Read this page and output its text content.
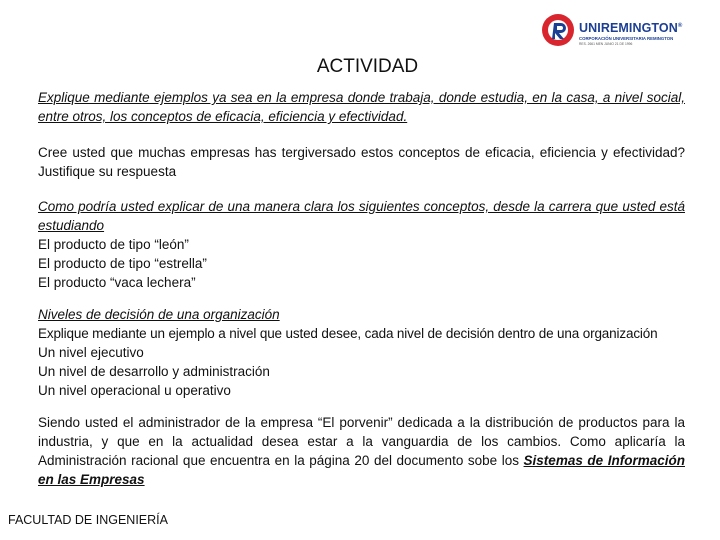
UNIREMINGTON®
CORPORACIÓN UNIVERSITARIA REMINGTON
RES. 2661 MEN JUNIO 21 DE 1996
ACTIVIDAD
Explique mediante ejemplos ya sea en la empresa donde trabaja, donde estudia, en la casa, a nivel social, entre otros, los conceptos de eficacia, eficiencia y efectividad.
Cree usted que muchas empresas has tergiversado estos conceptos de eficacia, eficiencia y efectividad? Justifique su respuesta
Como podría usted explicar de una manera clara los siguientes conceptos, desde la carrera que usted está estudiando
El producto de tipo “león”
El producto de tipo “estrella”
El producto “vaca lechera”
Niveles de decisión de una organización
Explique mediante un ejemplo a nivel que usted desee, cada nivel de decisión dentro de una organización
Un nivel ejecutivo
Un nivel de desarrollo y administración
Un nivel operacional u operativo
Siendo usted el administrador de la empresa “El porvenir” dedicada a la distribución de productos para la industria, y que en la actualidad desea estar a la vanguardia de los cambios. Como aplicaría la Administración racional que encuentra en la página 20 del documento sobe los Sistemas de Información en las Empresas
FACULTAD DE INGENIERÍA
